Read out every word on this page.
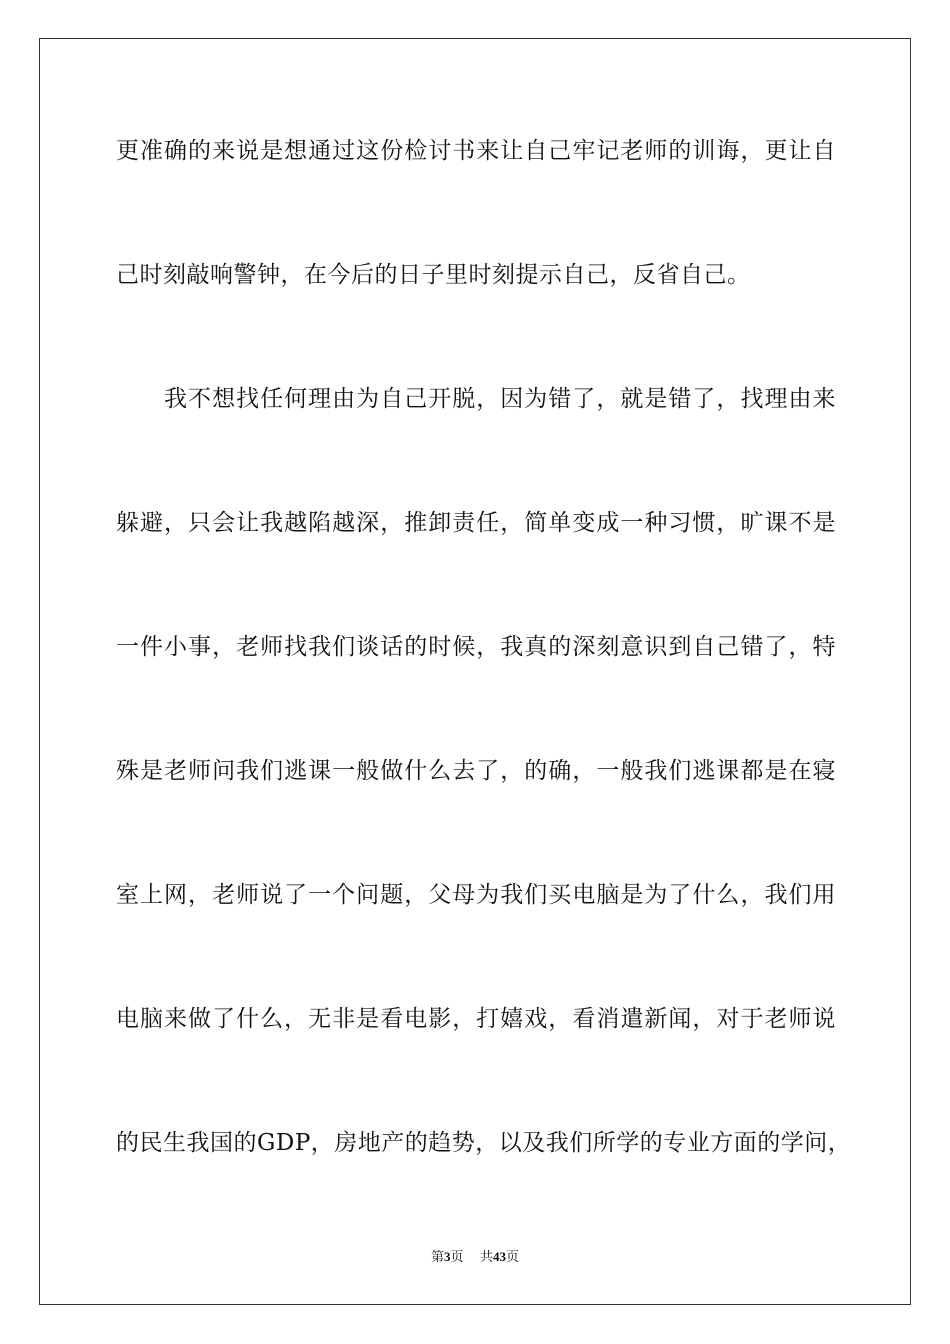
更准确的来说是想通过这份检讨书来让自己牢记老师的训诲，更让自
己时刻敲响警钟，在今后的日子里时刻提示自己，反省自己。
　　我不想找任何理由为自己开脱，因为错了，就是错了，找理由来
躲避，只会让我越陷越深，推卸责任，简单变成一种习惯，旷课不是
一件小事，老师找我们谈话的时候，我真的深刻意识到自己错了，特
殊是老师问我们逃课一般做什么去了，的确，一般我们逃课都是在寝
室上网，老师说了一个问题，父母为我们买电脑是为了什么，我们用
电脑来做了什么，无非是看电影，打嬉戏，看消遣新闻，对于老师说
的民生我国的GDP，房地产的趋势，以及我们所学的专业方面的学问，
第3页 共43页
